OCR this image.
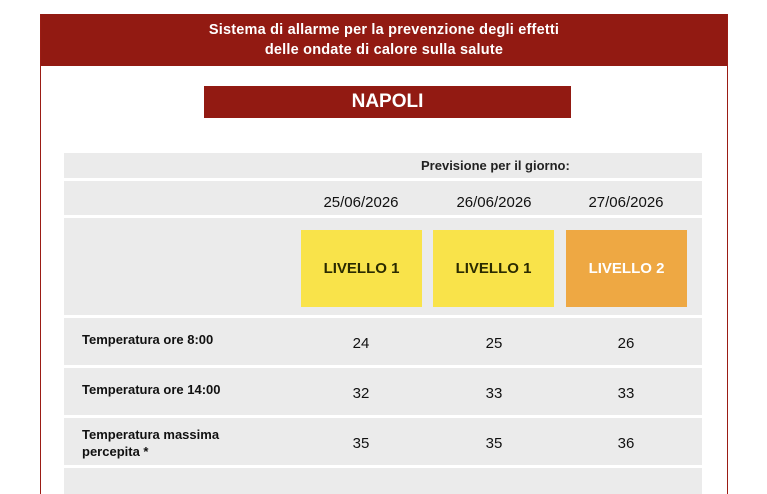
Sistema di allarme per la prevenzione degli effetti
delle ondate di calore sulla salute
NAPOLI
Previsione per il giorno:
25/06/2026	26/06/2026	27/06/2026
LIVELLO 1	LIVELLO 1	LIVELLO 2
Temperatura ore 8:00	24	25	26
Temperatura ore 14:00	32	33	33
Temperatura massima
percepita *	35	35	36
